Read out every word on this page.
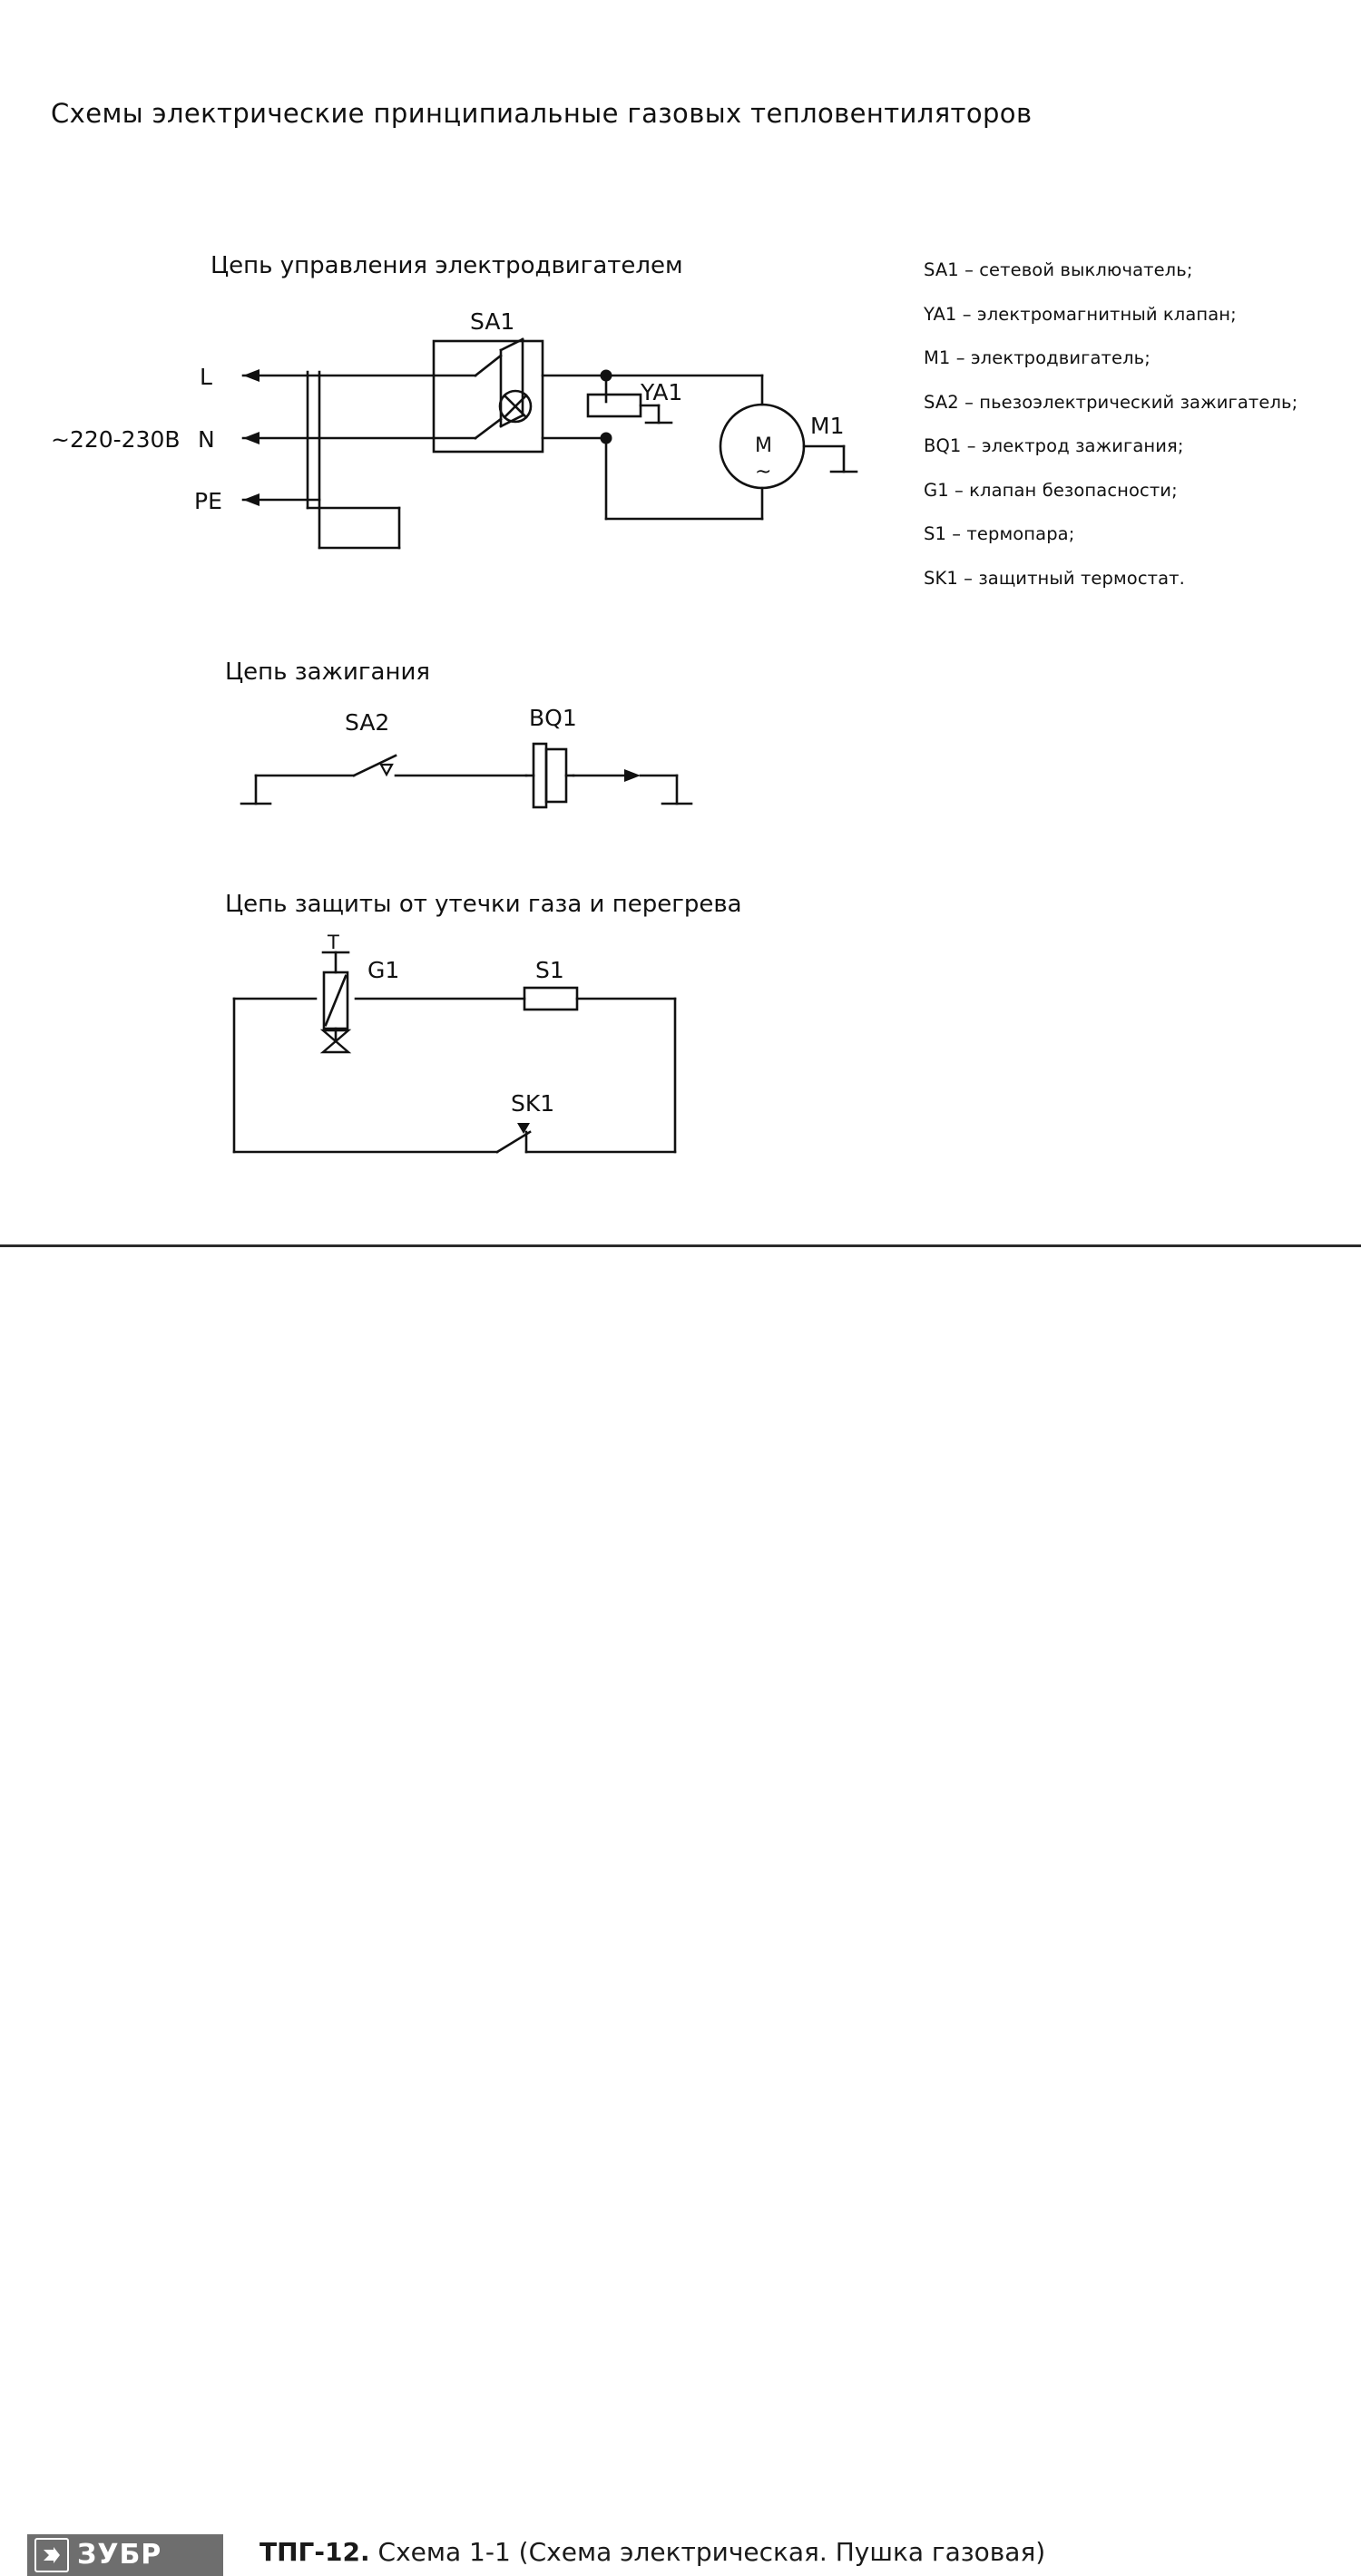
Схемы электрические принципиальные газовых тепловентиляторов
Цепь управления электродвигателем
Цепь зажигания
Цепь защиты от утечки газа и перегрева
L
N
PE
~220-230В
SA1
YA1
M1
M
~
SA2	BQ1
G1
T
S1
SK1
SA1 – сетевой выключатель;
YA1 – электромагнитный клапан;
M1 – электродвигатель;
SA2 – пьезоэлектрический зажигатель;
BQ1 – электрод зажигания;
G1 – клапан безопасности;
S1 – термопара;
SK1 – защитный термостат.
ЗУБР	ТПГ-12. Схема 1-1 (Схема электрическая. Пушка газовая)
